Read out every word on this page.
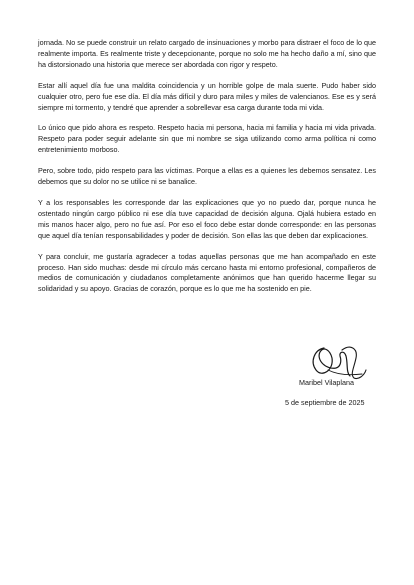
jornada. No se puede construir un relato cargado de insinuaciones y morbo para distraer el foco de lo que realmente importa. Es realmente triste y decepcionante, porque no solo me ha hecho daño a mí, sino que ha distorsionado una historia que merece ser abordada con rigor y respeto.

Estar allí aquel día fue una maldita coincidencia y un horrible golpe de mala suerte. Pudo haber sido cualquier otro, pero fue ese día. El día más difícil y duro para miles y miles de valencianos. Ese es y será siempre mi tormento, y tendré que aprender a sobrellevar esa carga durante toda mi vida.

Lo único que pido ahora es respeto. Respeto hacia mi persona, hacia mi familia y hacia mi vida privada. Respeto para poder seguir adelante sin que mi nombre se siga utilizando como arma política ni como entretenimiento morboso.

Pero, sobre todo, pido respeto para las víctimas. Porque a ellas es a quienes les debemos sensatez. Les debemos que su dolor no se utilice ni se banalice.

Y a los responsables les corresponde dar las explicaciones que yo no puedo dar, porque nunca he ostentado ningún cargo público ni ese día tuve capacidad de decisión alguna. Ojalá hubiera estado en mis manos hacer algo, pero no fue así. Por eso el foco debe estar donde corresponde: en las personas que aquel día tenían responsabilidades y poder de decisión. Son ellas las que deben dar explicaciones.

Y para concluir, me gustaría agradecer a todas aquellas personas que me han acompañado en este proceso. Han sido muchas: desde mi círculo más cercano hasta mi entorno profesional, compañeros de medios de comunicación y ciudadanos completamente anónimos que han querido hacerme llegar su solidaridad y su apoyo. Gracias de corazón, porque es lo que me ha sostenido en pie.

Maribel Vilaplana
5 de septiembre de 2025
